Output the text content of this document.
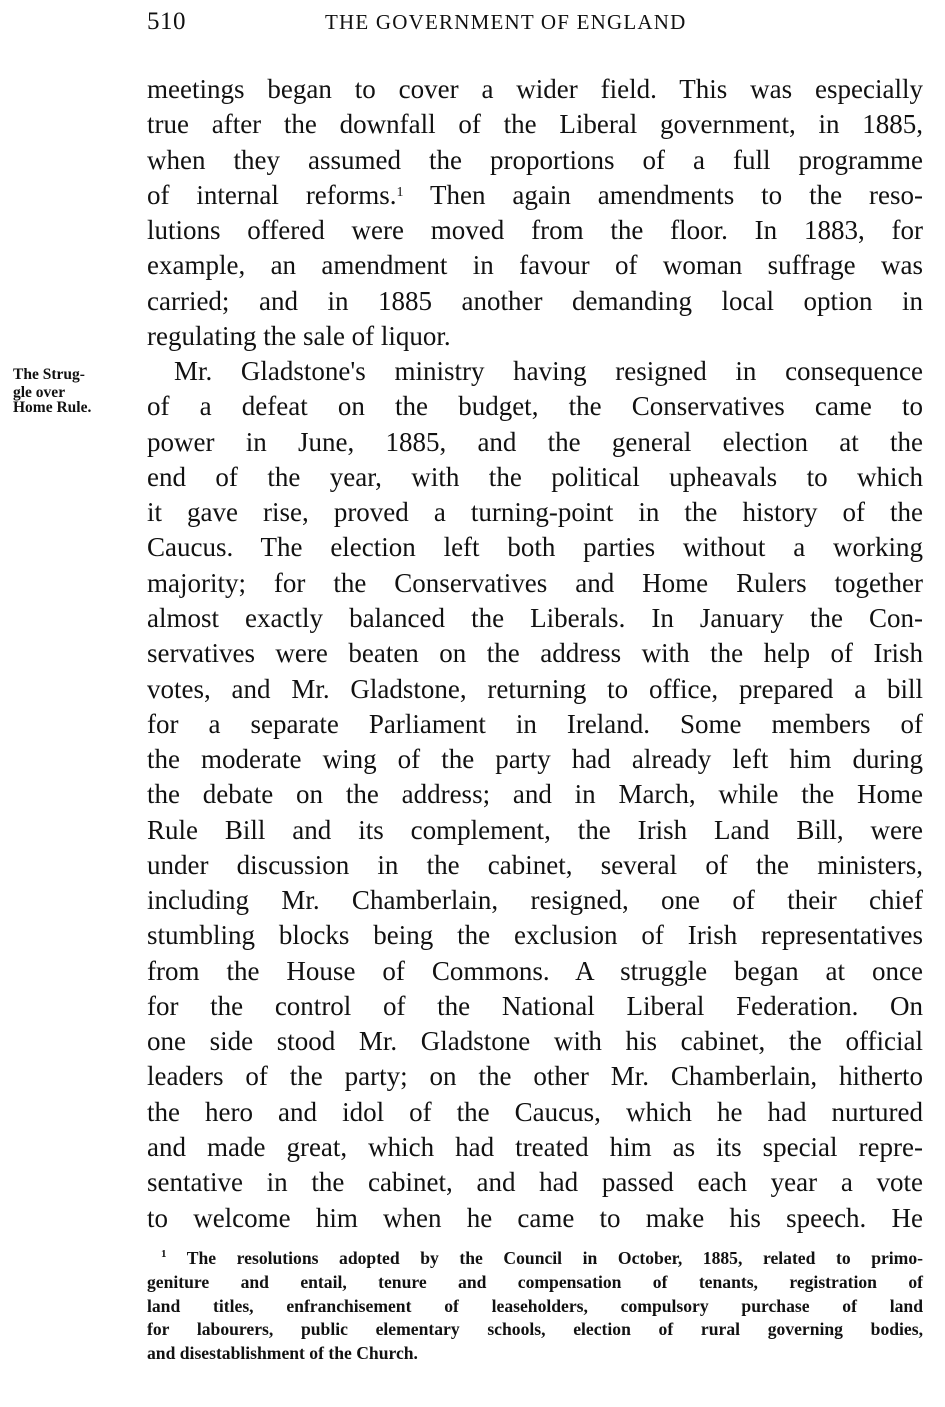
510	THE GOVERNMENT OF ENGLAND
The Strug-
gle over
Home Rule.
meetings began to cover a wider field. This was especially
true after the downfall of the Liberal government, in 1885,
when they assumed the proportions of a full programme
of internal reforms.$^1$ Then again amendments to the reso-
lutions offered were moved from the floor. In 1883, for
example, an amendment in favour of woman suffrage was
carried; and in 1885 another demanding local option in
regulating the sale of liquor.
Mr. Gladstone's ministry having resigned in consequence
of a defeat on the budget, the Conservatives came to
power in June, 1885, and the general election at the
end of the year, with the political upheavals to which
it gave rise, proved a turning-point in the history of the
Caucus. The election left both parties without a working
majority; for the Conservatives and Home Rulers together
almost exactly balanced the Liberals. In January the Con-
servatives were beaten on the address with the help of Irish
votes, and Mr. Gladstone, returning to office, prepared a bill
for a separate Parliament in Ireland. Some members of
the moderate wing of the party had already left him during
the debate on the address; and in March, while the Home
Rule Bill and its complement, the Irish Land Bill, were
under discussion in the cabinet, several of the ministers,
including Mr. Chamberlain, resigned, one of their chief
stumbling blocks being the exclusion of Irish representatives
from the House of Commons. A struggle began at once
for the control of the National Liberal Federation. On
one side stood Mr. Gladstone with his cabinet, the official
leaders of the party; on the other Mr. Chamberlain, hitherto
the hero and idol of the Caucus, which he had nurtured
and made great, which had treated him as its special repre-
sentative in the cabinet, and had passed each year a vote
to welcome him when he came to make his speech. He
$^1$ The resolutions adopted by the Council in October, 1885, related to primo-
geniture and entail, tenure and compensation of tenants, registration of
land titles, enfranchisement of leaseholders, compulsory purchase of land
for labourers, public elementary schools, election of rural governing bodies,
and disestablishment of the Church.
